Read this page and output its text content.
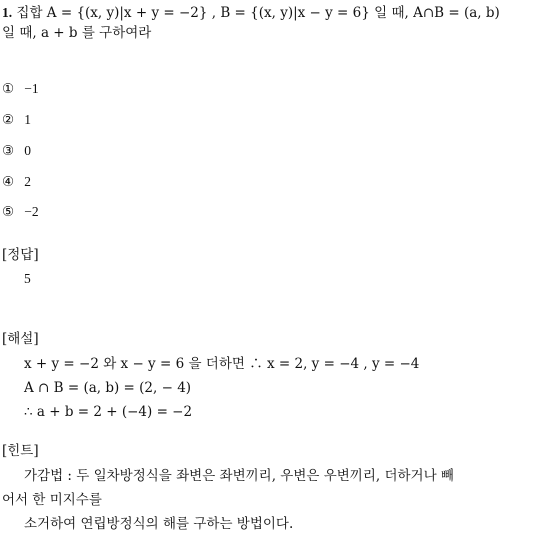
1. 집합 A = {(x, y)|x + y = −2} , B = {(x, y)|x − y = 6} 일 때, A∩B = (a, b)
일 때, a + b 를 구하여라
① −1
② 1
③ 0
④ 2
⑤ −2
[정답]
5
[해설]
x + y = −2 와 x − y = 6 을 더하면 ∴ x = 2, y = −4 , y = −4
A ∩ B = (a, b) = (2, − 4)
∴ a + b = 2 + (−4) = −2
[힌트]
가감법 : 두 일차방정식을 좌변은 좌변끼리, 우변은 우변끼리, 더하거나 빼
어서 한 미지수를
소거하여 연립방정식의 해를 구하는 방법이다.
